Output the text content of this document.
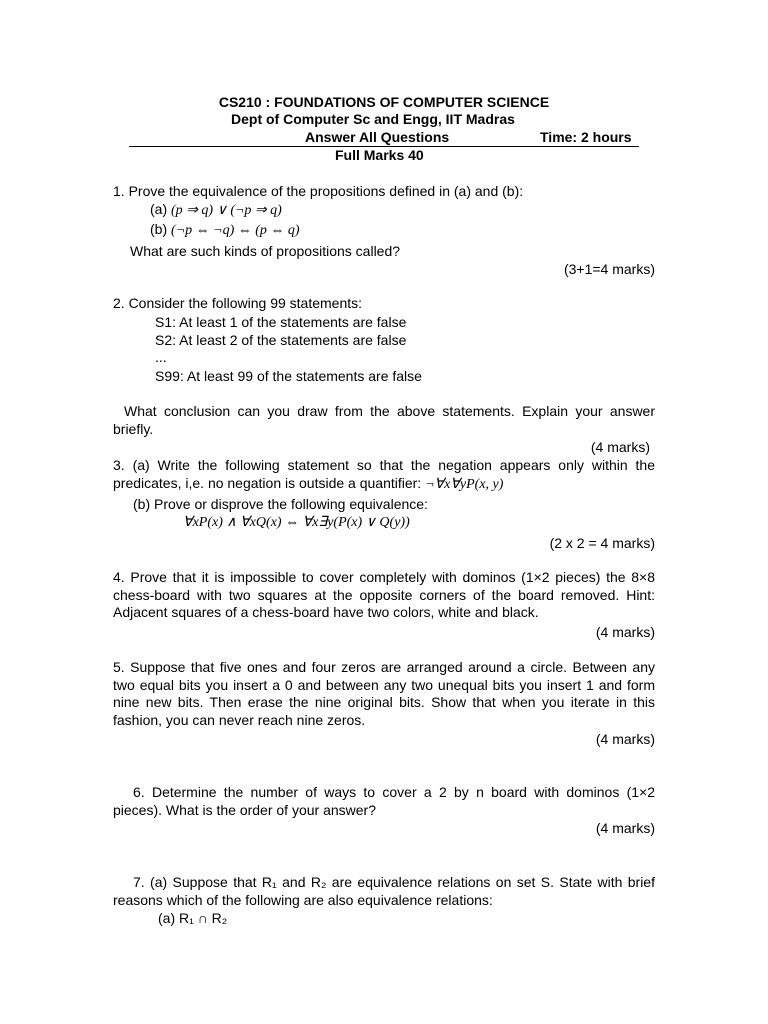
CS210 : FOUNDATIONS OF COMPUTER SCIENCE
Dept of Computer Sc and Engg, IIT Madras
Answer All Questions	Time: 2 hours
Full Marks 40
1. Prove the equivalence of the propositions defined in (a) and (b):
(a) (p ⇒ q) ∨ (¬p ⇒ q)
(b) (¬p ⇔ ¬q) ⇔ (p ⇔ q)
What are such kinds of propositions called?
(3+1=4 marks)
2. Consider the following 99 statements:
S1: At least 1 of the statements are false
S2: At least 2 of the statements are false
...
S99: At least 99 of the statements are false
What conclusion can you draw from the above statements. Explain your answer briefly.
(4 marks)
3. (a) Write the following statement so that the negation appears only within the predicates, i,e. no negation is outside a quantifier: ¬∀x∀yP(x, y)
(b) Prove or disprove the following equivalence:
∀xP(x) ∧ ∀xQ(x) ⇔ ∀x∃y(P(x) ∨ Q(y))
(2 x 2 = 4 marks)
4. Prove that it is impossible to cover completely with dominos (1×2 pieces) the 8×8 chess-board with two squares at the opposite corners of the board removed. Hint: Adjacent squares of a chess-board have two colors, white and black.
(4 marks)
5. Suppose that five ones and four zeros are arranged around a circle. Between any two equal bits you insert a 0 and between any two unequal bits you insert 1 and form nine new bits. Then erase the nine original bits. Show that when you iterate in this fashion, you can never reach nine zeros.
(4 marks)
6. Determine the number of ways to cover a 2 by n board with dominos (1×2 pieces). What is the order of your answer?
(4 marks)
7. (a) Suppose that R₁ and R₂ are equivalence relations on set S. State with brief reasons which of the following are also equivalence relations:
(a) R₁ ∩ R₂
